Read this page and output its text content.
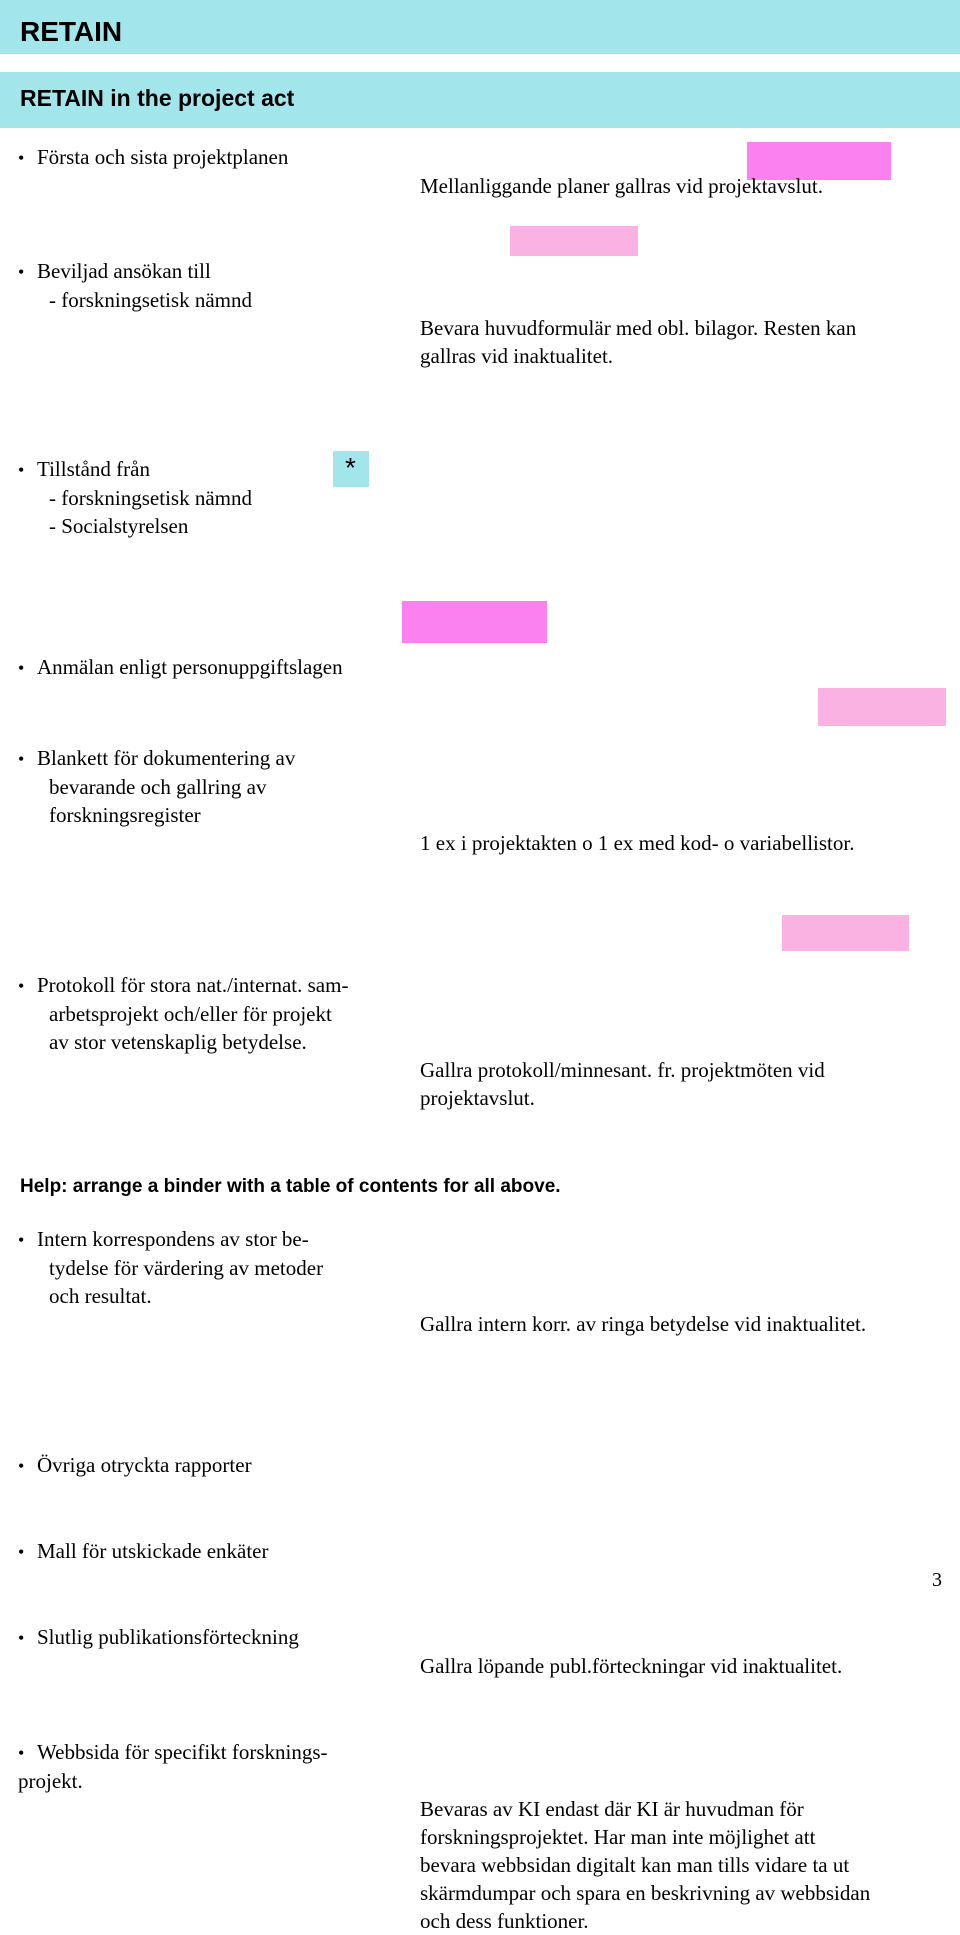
RETAIN
RETAIN in the project act
*
• Första och sista projektplanen
Mellanliggande planer gallras vid projektavslut.
• Beviljad ansökan till
- forskningsetisk nämnd
Bevara huvudformulär med obl. bilagor. Resten kan
gallras vid inaktualitet.
• Tillstånd från
- forskningsetisk nämnd
- Socialstyrelsen
• Anmälan enligt personuppgiftslagen
• Blankett för dokumentering av
bevarande och gallring av
forskningsregister
1 ex i projektakten o 1 ex med kod- o variabellistor.
• Protokoll för stora nat./internat. sam-
arbetsprojekt och/eller för projekt
av stor vetenskaplig betydelse.
Gallra protokoll/minnesant. fr. projektmöten vid
projektavslut.
• Intern korrespondens av stor be-
tydelse för värdering av metoder
och resultat.
Gallra intern korr. av ringa betydelse vid inaktualitet.
• Övriga otryckta rapporter
• Mall för utskickade enkäter
• Slutlig publikationsförteckning
Gallra löpande publ.förteckningar vid inaktualitet.
• Webbsida för specifikt forsknings-
projekt.
Bevaras av KI endast där KI är huvudman för
forskningsprojektet. Har man inte möjlighet att
bevara webbsidan digitalt kan man tills vidare ta ut
skärmdumpar och spara en beskrivning av webbsidan
och dess funktioner.
Help: arrange a binder with a table of contents for all above.
3
